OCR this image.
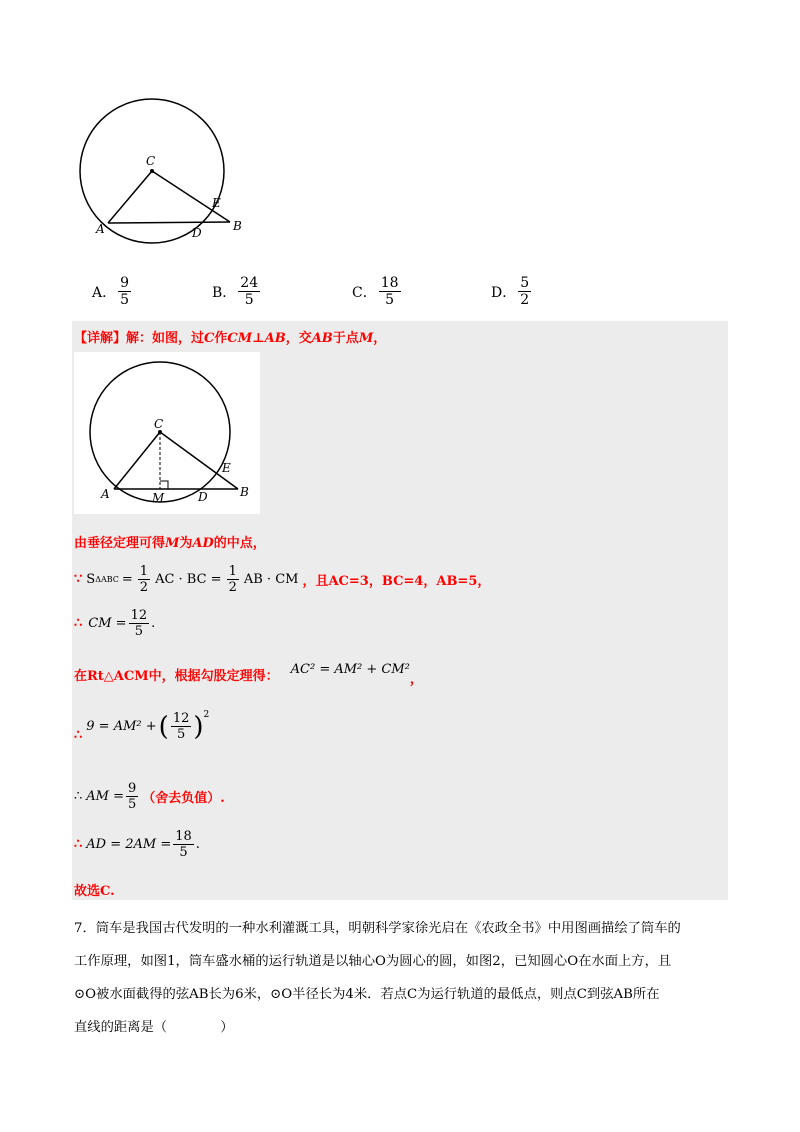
C
E
A	D	B
A． $\frac{9}{5}$	B． $\frac{24}{5}$	C． $\frac{18}{5}$	D． $\frac{5}{2}$
【详解】解：如图，过C作CM⊥AB，交AB于点M，
C
E
A	M	D	B
由垂径定理可得M为AD的中点，
∵ S $\Delta ABC = \frac{1}{2}$ AC · BC = $\frac{1}{2}$ AB · CM ，且AC=3，BC=4，AB=5，
∴ CM = $\frac{12}{5}$ .
在Rt△ACM中，根据勾股定理得： AC² = AM² + CM²
，
∴
9 = AM² + ( $\frac{12}{5}$ ) 2
∴ AM = $\frac{9}{5}$ （舍去负值）.
∴ AD = $2AM = \frac{18}{5}$ .
故选C.
7．筒车是我国古代发明的一种水利灌溉工具，明朝科学家徐光启在《农政全书》中用图画描绘了筒车的
工作原理，如图1，筒车盛水桶的运行轨道是以轴心O为圆心的圆，如图2，已知圆心O在水面上方，且
⊙O被水面截得的弦AB长为6米，⊙O半径长为4米．若点C为运行轨道的最低点，则点C到弦AB所在
直线的距离是（　　　　）
